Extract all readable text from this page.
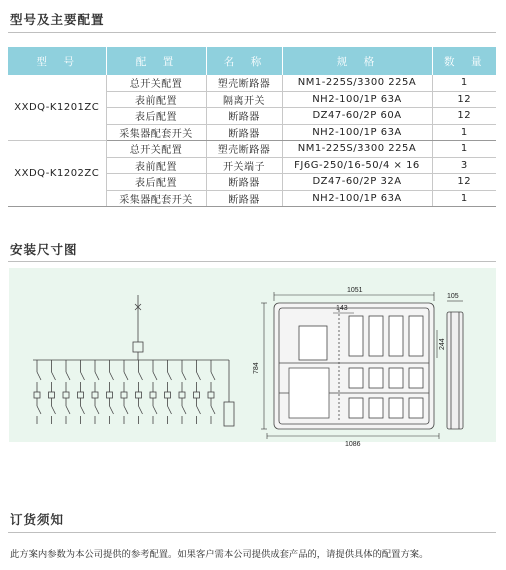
型号及主要配置
型　号	配　置	名　称	规　格	数　量
XXDQ-K1201ZC	总开关配置	塑壳断路器	NM1-225S/3300 225A	1
	表前配置	隔离开关	NH2-100/1P 63A	12
	表后配置	断路器	DZ47-60/2P 60A	12
	采集器配套开关	断路器	NH2-100/1P 63A	1
XXDQ-K1202ZC	总开关配置	塑壳断路器	NM1-225S/3300 225A	1
	表前配置	开关端子	FJ6G-250/16-50/4 × 16	3
	表后配置	断路器	DZ47-60/2P 32A	12
	采集器配套开关	断路器	NH2-100/1P 63A	1
安装尺寸图
1051
143
784
244
1086
105
订货须知
此方案内参数为本公司提供的参考配置。如果客户需本公司提供成套产品的，请提供具体的配置方案。
